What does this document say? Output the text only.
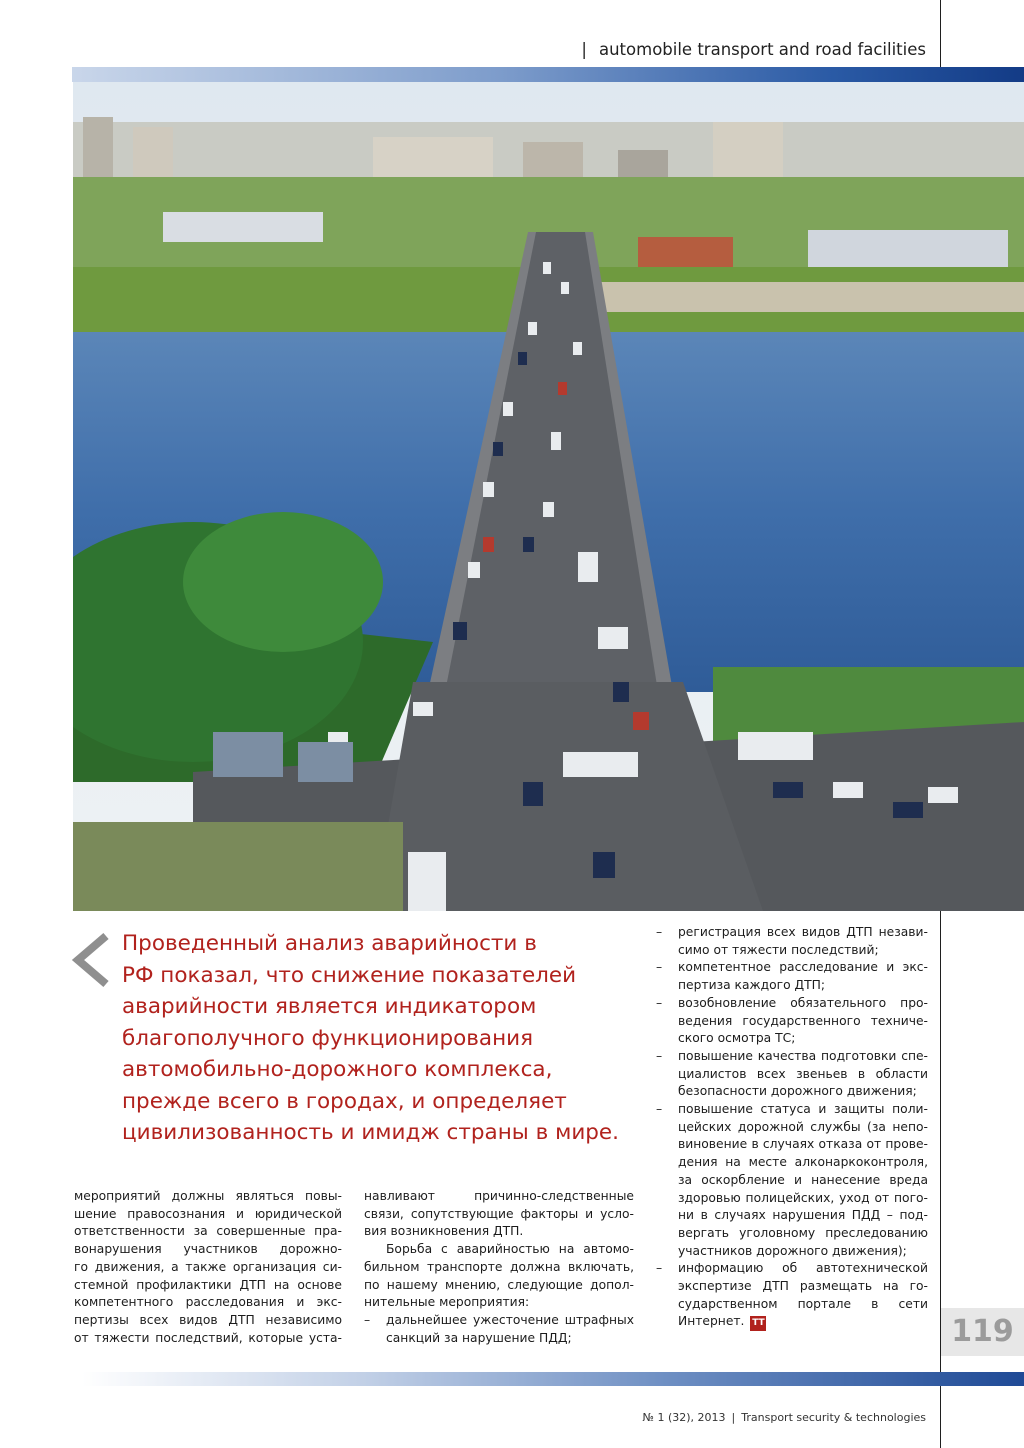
| automobile transport and road facilities
Проведенный анализ аварийности в
РФ показал, что снижение показателей
аварийности является индикатором
благополучного функционирования
автомобильно-дорожного комплекса,
прежде всего в городах, и определяет
цивилизованность и имидж страны в мире.
мероприятий должны являться повы-
шение правосознания и юридической
ответственности за совершенные пра-
вонарушения участников дорожно-
го движения, а также организация си-
стемной профилактики ДТП на основе
компетентного расследования и экс-
пертизы всех видов ДТП независимо
от тяжести последствий, которые уста-
навливают причинно-следственные
связи, сопутствующие факторы и усло-
вия возникновения ДТП.
Борьба с аварийностью на автомо-
бильном транспорте должна включать,
по нашему мнению, следующие допол-
нительные мероприятия:
– дальнейшее ужесточение штрафных
санкций за нарушение ПДД;
– регистрация всех видов ДТП незави-
симо от тяжести последствий;
– компетентное расследование и экс-
пертиза каждого ДТП;
– возобновление обязательного про-
ведения государственного техниче-
ского осмотра ТС;
– повышение качества подготовки спе-
циалистов всех звеньев в области
безопасности дорожного движения;
– повышение статуса и защиты поли-
цейских дорожной службы (за непо-
виновение в случаях отказа от прове-
дения на месте алконаркоконтроля,
за оскорбление и нанесение вреда
здоровью полицейских, уход от пого-
ни в случаях нарушения ПДД – под-
вергать уголовному преследованию
участников дорожного движения);
– информацию об автотехнической
экспертизе ДТП размещать на го-
сударственном портале в сети
Интернет. TT	119
№ 1 (32), 2013 | Transport security & technologies
